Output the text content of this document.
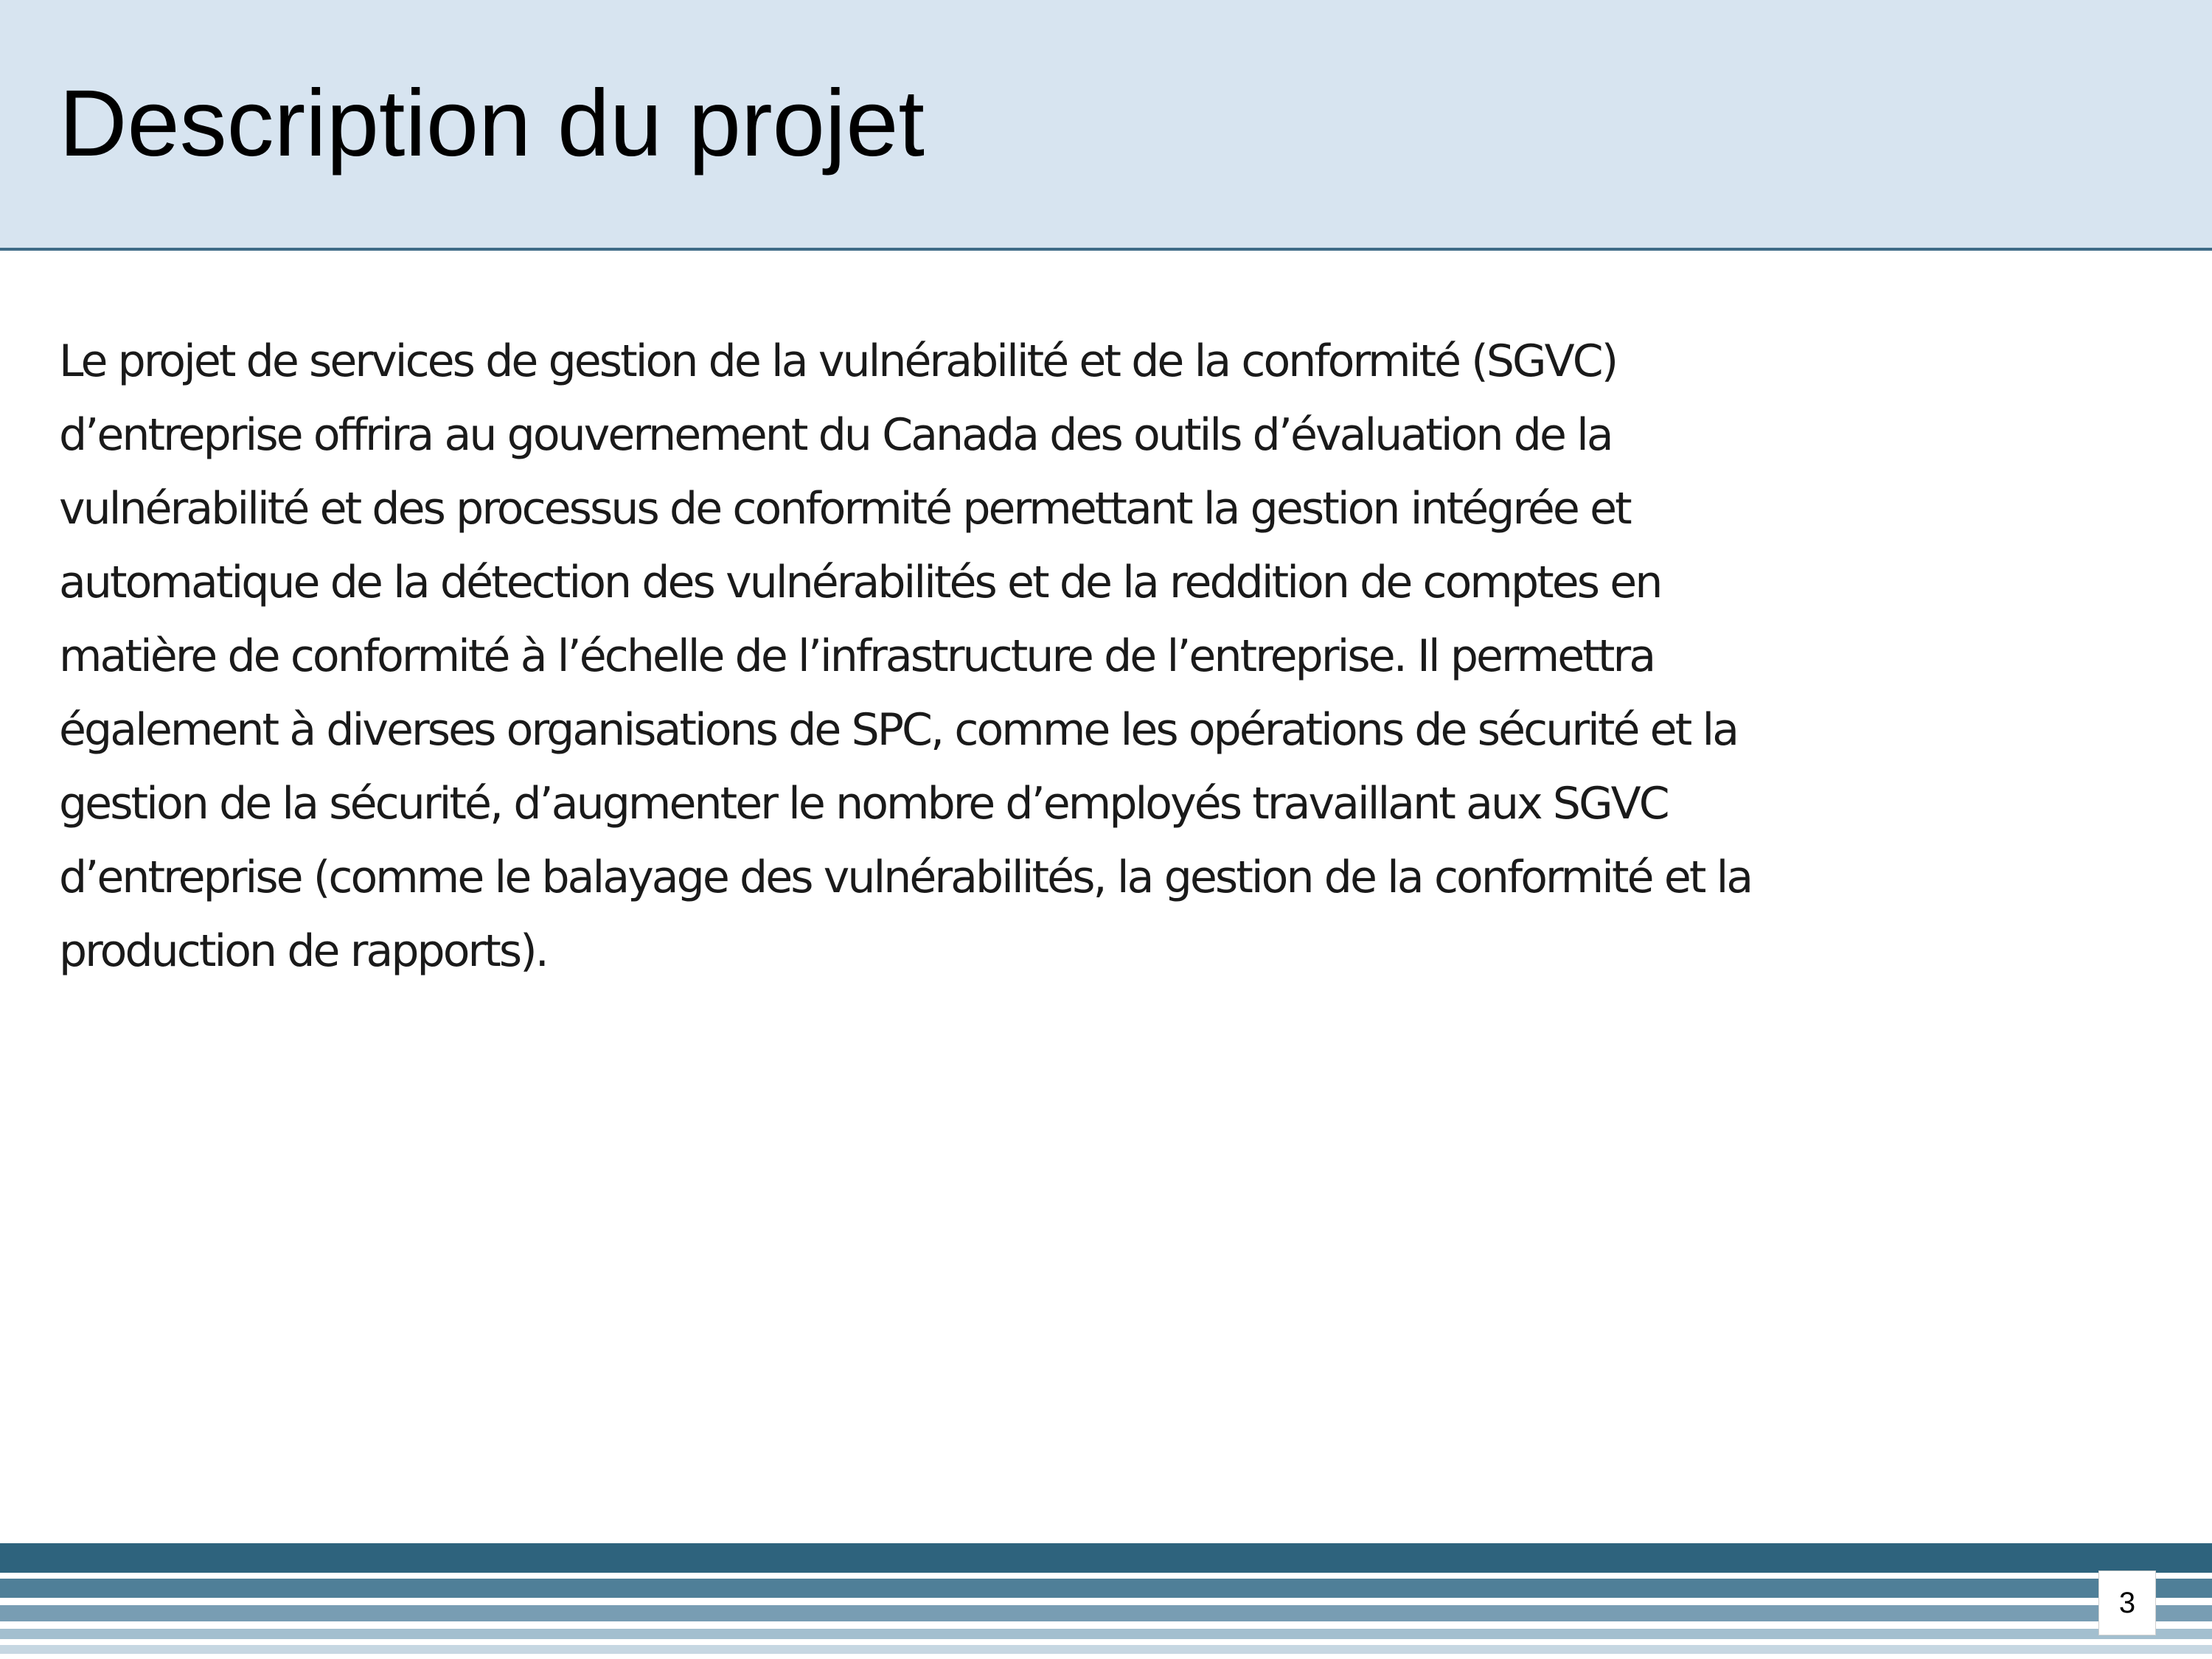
Description du projet

Le projet de services de gestion de la vulnérabilité et de la conformité (SGVC)
d’entreprise offrira au gouvernement du Canada des outils d’évaluation de la
vulnérabilité et des processus de conformité permettant la gestion intégrée et
automatique de la détection des vulnérabilités et de la reddition de comptes en
matière de conformité à l’échelle de l’infrastructure de l’entreprise. Il permettra
également à diverses organisations de SPC, comme les opérations de sécurité et la
gestion de la sécurité, d’augmenter le nombre d’employés travaillant aux SGVC
d’entreprise (comme le balayage des vulnérabilités, la gestion de la conformité et la
production de rapports).

3
